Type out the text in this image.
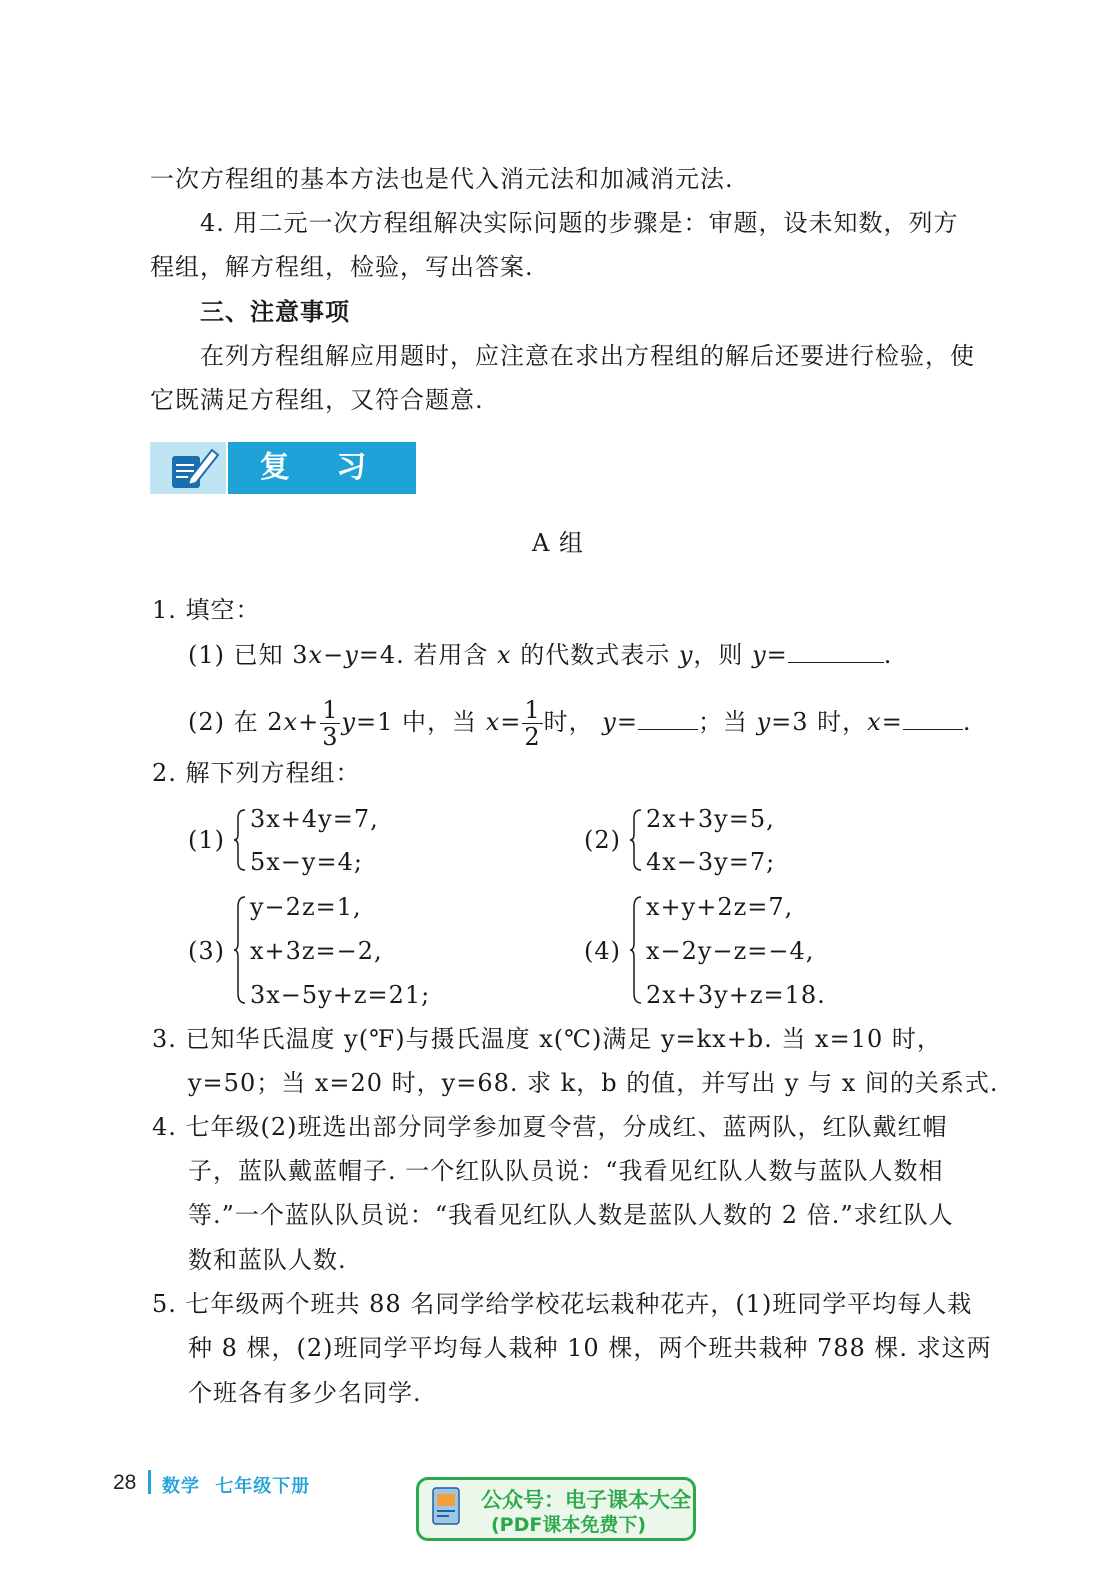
一次方程组的基本方法也是代入消元法和加减消元法.
4. 用二元一次方程组解决实际问题的步骤是：审题，设未知数，列方
程组，解方程组，检验，写出答案.
三、注意事项
在列方程组解应用题时，应注意在求出方程组的解后还要进行检验，使
它既满足方程组，又符合题意.
复 习 题
A 组
1. 填空：
(1) 已知 3x−y=4. 若用含 x 的代数式表示 y，则 y=	.
(2) 在 $2x+ \frac{1}{3} y=1$ 中，当 $x= \frac{1}{2}$ 时， y=	；当 y=3 时，x=	.
2. 解下列方程组：
(1)
3x+4y=7,
5x−y=4;
(2)
2x+3y=5,
4x−3y=7;
(3)
y−2z=1,
x+3z=−2,
3x−5y+z=21;
(4)
x+y+2z=7,
x−2y−z=−4,
2x+3y+z=18.
3. 已知华氏温度 y(℉)与摄氏温度 x(℃)满足 y=kx+b. 当 x=10 时，
y=50；当 x=20 时，y=68. 求 k，b 的值，并写出 y 与 x 间的关系式.
4. 七年级(2)班选出部分同学参加夏令营，分成红、蓝两队，红队戴红帽
子，蓝队戴蓝帽子. 一个红队队员说：“我看见红队人数与蓝队人数相
等.”一个蓝队队员说：“我看见红队人数是蓝队人数的 2 倍.”求红队人
数和蓝队人数.
5. 七年级两个班共 88 名同学给学校花坛栽种花卉，(1)班同学平均每人栽
种 8 棵，(2)班同学平均每人栽种 10 棵，两个班共栽种 788 棵. 求这两
个班各有多少名同学.
28 数学 七年级下册
公众号：电子课本大全
(PDF课本免费下)
